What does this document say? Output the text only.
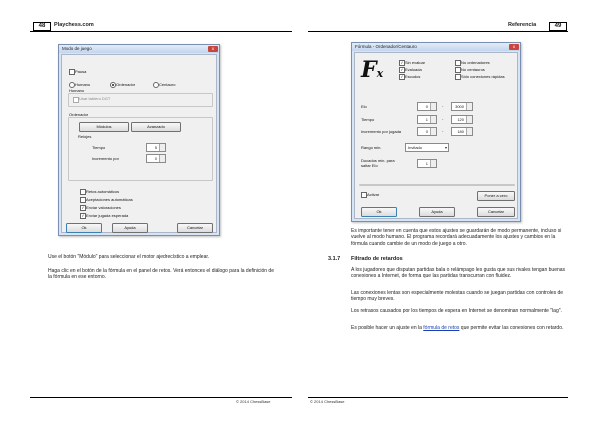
48	Playchess.com
Modo de juego	x
Pausa
Humano	Ordenador	Centauro
Humano
Usar tablero DGT
Ordenador
Módulos	Avanzado
Relojes
Tiempo	5
Incremento por	0
Retos automáticos
Aceptaciones automáticas
✓ Enviar valoraciones
✓ Enviar jugada esperada
Ok	Ayuda	Cancelar
Use el botón "Módulo" para seleccionar el motor ajedrecístico a emplear.
Haga clic en el botón de la fórmula en el panel de retos. Verá entonces el diálogo para la definición de la fórmula en ese entorno.
© 2014 ChessBase
Referencia	49
Fórmula - Ordenador/Centauro	x
Fx
✓ Sin evaluar
✓ Evaluada
✓ Escudos
No ordenadores
No centauros
Sólo conexiones rápidas
Elo	0	-	3000
Tiempo	1	-	120
Incremento por jugada	0	-	180
Rango min.	Invitado ▾
Ducados min. para saltar Elo	1
Activar	Poner a cero
Ok	Ayuda	Cancelar
Es importante tener en cuenta que estos ajustes se guardarán de modo permanente, incluso si vuelve al modo humano. El programa recordará adecuadamente los ajustes y cambios en la fórmula cuando cambie de un modo de juego a otro.
3.1.7 Filtrado de retardos
A los jugadores que disputan partidas bala o relámpago les gusta que sus rivales tengan buenas conexiones a Internet, de forma que las partidas transcurran con fluidez.
Las conexiones lentas son especialmente molestas cuando se juegan partidas con controles de tiempo muy breves.
Los retrasos causados por los tiempos de espera en Internet se denominan normalmente "lag".
Es posible hacer un ajuste en la fórmula de retos que permite evitar las conexiones con retardo.
© 2014 ChessBase
